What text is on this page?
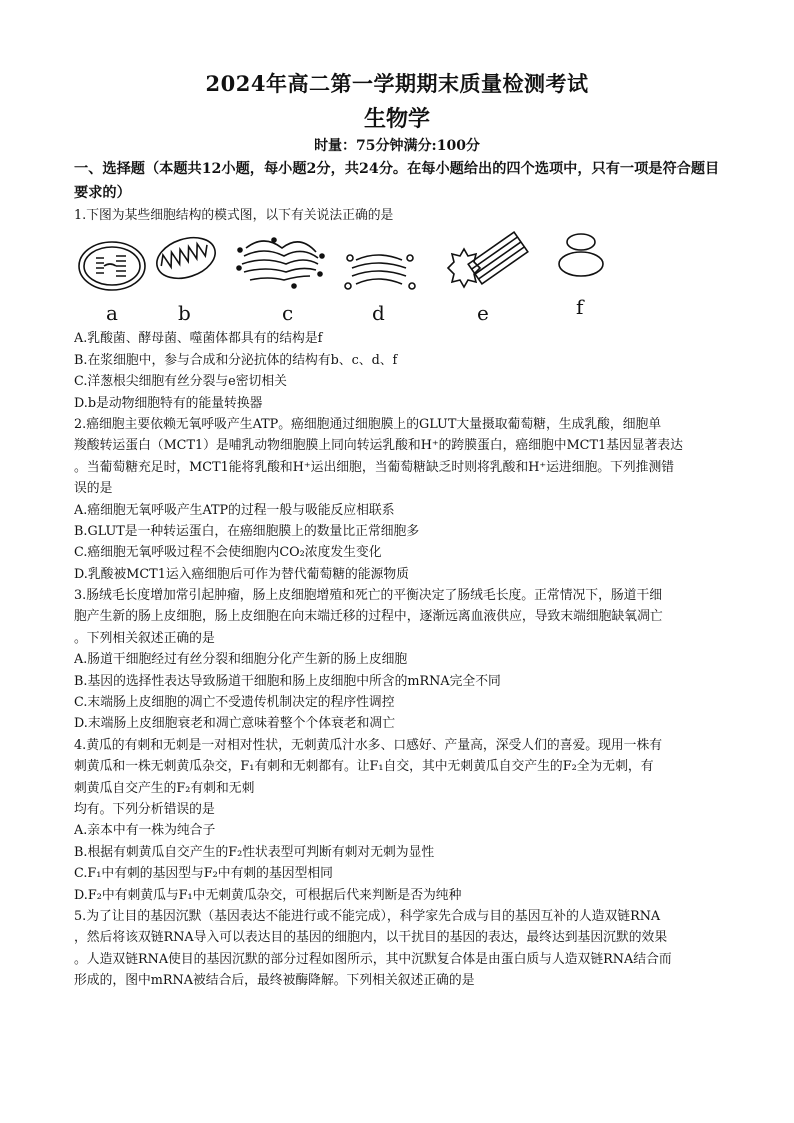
2024年高二第一学期期末质量检测考试
生物学
时量：75分钟满分:100分
一、选择题（本题共12小题，每小题2分，共24分。在每小题给出的四个选项中，只有一项是符合题目要求的）
1.下图为某些细胞结构的模式图，以下有关说法正确的是
a	b	c	d	e	f
A.乳酸菌、酵母菌、噬菌体都具有的结构是f
B.在浆细胞中，参与合成和分泌抗体的结构有b、c、d、f
C.洋葱根尖细胞有丝分裂与e密切相关
D.b是动物细胞特有的能量转换器
2.癌细胞主要依赖无氧呼吸产生ATP。癌细胞通过细胞膜上的GLUT大量摄取葡萄糖，生成乳酸，细胞单
羧酸转运蛋白（MCT1）是哺乳动物细胞膜上同向转运乳酸和H⁺的跨膜蛋白，癌细胞中MCT1基因显著表达
。当葡萄糖充足时，MCT1能将乳酸和H⁺运出细胞，当葡萄糖缺乏时则将乳酸和H⁺运进细胞。下列推测错
误的是
A.癌细胞无氧呼吸产生ATP的过程一般与吸能反应相联系
B.GLUT是一种转运蛋白，在癌细胞膜上的数量比正常细胞多
C.癌细胞无氧呼吸过程不会使细胞内CO₂浓度发生变化
D.乳酸被MCT1运入癌细胞后可作为替代葡萄糖的能源物质
3.肠绒毛长度增加常引起肿瘤，肠上皮细胞增殖和死亡的平衡决定了肠绒毛长度。正常情况下，肠道干细
胞产生新的肠上皮细胞，肠上皮细胞在向末端迁移的过程中，逐渐远离血液供应，导致末端细胞缺氧凋亡
。下列相关叙述正确的是
A.肠道干细胞经过有丝分裂和细胞分化产生新的肠上皮细胞
B.基因的选择性表达导致肠道干细胞和肠上皮细胞中所含的mRNA完全不同
C.末端肠上皮细胞的凋亡不受遗传机制决定的程序性调控
D.末端肠上皮细胞衰老和凋亡意味着整个个体衰老和凋亡
4.黄瓜的有刺和无刺是一对相对性状，无刺黄瓜汁水多、口感好、产量高，深受人们的喜爱。现用一株有
刺黄瓜和一株无刺黄瓜杂交，F₁有刺和无刺都有。让F₁自交，其中无刺黄瓜自交产生的F₂全为无刺，有
刺黄瓜自交产生的F₂有刺和无刺
均有。下列分析错误的是
A.亲本中有一株为纯合子
B.根据有刺黄瓜自交产生的F₂性状表型可判断有刺对无刺为显性
C.F₁中有刺的基因型与F₂中有刺的基因型相同
D.F₂中有刺黄瓜与F₁中无刺黄瓜杂交，可根据后代来判断是否为纯种
5.为了让目的基因沉默（基因表达不能进行或不能完成），科学家先合成与目的基因互补的人造双链RNA
，然后将该双链RNA导入可以表达目的基因的细胞内，以干扰目的基因的表达，最终达到基因沉默的效果
。人造双链RNA使目的基因沉默的部分过程如图所示，其中沉默复合体是由蛋白质与人造双链RNA结合而
形成的，图中mRNA被结合后，最终被酶降解。下列相关叙述正确的是
